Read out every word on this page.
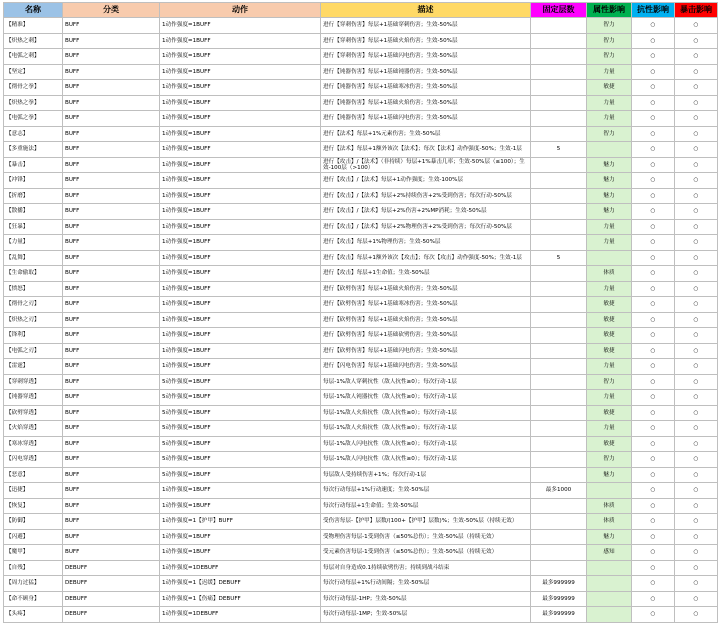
名称	分类	动作	描述	固定层数	属性影响	抗性影响	暴击影响
【精准】	BUFF	1动作强度=1BUFF	进行【穿刺伤害】每层+1基础穿刺伤害；生效-50%层		智力	○	○
【炽热之刺】	BUFF	1动作强度=1BUFF	进行【穿刺伤害】每层+1基础火焰伤害；生效-50%层		智力	○	○
【电弧之刺】	BUFF	1动作强度=1BUFF	进行【穿刺伤害】每层+1基础闪电伤害；生效-50%层		智力	○	○
【坚定】	BUFF	1动作强度=1BUFF	进行【钝器伤害】每层+1基础钝器伤害；生效-50%层		力量	○	○
【彻骨之拳】	BUFF	1动作强度=1BUFF	进行【钝器伤害】每层+1基础寒冰伤害；生效-50%层		敏捷	○	○
【炽热之拳】	BUFF	1动作强度=1BUFF	进行【钝器伤害】每层+1基础火焰伤害；生效-50%层		力量	○	○
【电弧之拳】	BUFF	1动作强度=1BUFF	进行【钝器伤害】每层+1基础闪电伤害；生效-50%层		力量	○	○
【意志】	BUFF	1动作强度=1BUFF	进行【法术】每层+1%元素伤害；生效-50%层		智力	○	○
【多重施法】	BUFF	1动作强度=1BUFF	进行【法术】每层+1额外该次【法术】；每次【法术】动作强度-50%；生效-1层	5		○	○
【暴击】	BUFF	1动作强度=1BUFF	进行【攻击】/【法术】（非持续）每层+1%暴击几率；生效-50%层（≤100）；生效-100层（>100）		魅力	○	○
【冲锋】	BUFF	1动作强度=1BUFF	进行【攻击】/【法术】每层+1动作强度；生效-100%层		魅力	○	○
【折磨】	BUFF	1动作强度=1BUFF	进行【攻击】/【法术】每层+2%持续伤害+2%受到伤害；每次行动-50%层		魅力	○	○
【散播】	BUFF	1动作强度=1BUFF	进行【攻击】/【法术】每层+2%伤害+2%MP消耗；生效-50%层		魅力	○	○
【狂暴】	BUFF	1动作强度=1BUFF	进行【攻击】/【法术】每层+2%物理伤害+2%受到伤害；每次行动-50%层		力量	○	○
【力量】	BUFF	1动作强度=1BUFF	进行【攻击】每层+1%物理伤害；生效-50%层		力量	○	○
【乱舞】	BUFF	1动作强度=1BUFF	进行【攻击】每层+1额外该次【攻击】；每次【攻击】动作强度-50%；生效-1层	5		○	○
【生命偷取】	BUFF	1动作强度=1BUFF	进行【攻击】每层+1生命值；生效-50%层		体质	○	○
【愤怒】	BUFF	1动作强度=1BUFF	进行【砍劈伤害】每层+1基础火焰伤害；生效-50%层		力量	○	○
【彻骨之刃】	BUFF	1动作强度=1BUFF	进行【砍劈伤害】每层+1基础寒冰伤害；生效-50%层		敏捷	○	○
【炽热之刃】	BUFF	1动作强度=1BUFF	进行【砍劈伤害】每层+1基础火焰伤害；生效-50%层		敏捷	○	○
【锋利】	BUFF	1动作强度=1BUFF	进行【砍劈伤害】每层+1基础砍劈伤害；生效-50%层		敏捷	○	○
【电弧之刃】	BUFF	1动作强度=1BUFF	进行【砍劈伤害】每层+1基础闪电伤害；生效-50%层		敏捷	○	○
【雷霆】	BUFF	1动作强度=1BUFF	进行【闪电伤害】每层+1基础闪电伤害；生效-50%层		力量	○	○
【穿刺穿透】	BUFF	5动作强度=1BUFF	每层-1%敌人穿刺抗性（敌人抗性≥0）；每次行动-1层		智力	○	○
【钝器穿透】	BUFF	5动作强度=1BUFF	每层-1%敌人钝器抗性（敌人抗性≥0）；每次行动-1层		力量	○	○
【砍劈穿透】	BUFF	5动作强度=1BUFF	每层-1%敌人火焰抗性（敌人抗性≥0）；每次行动-1层		敏捷	○	○
【火焰穿透】	BUFF	5动作强度=1BUFF	每层-1%敌人火焰抗性（敌人抗性≥0）；每次行动-1层		力量	○	○
【寒冰穿透】	BUFF	5动作强度=1BUFF	每层-1%敌人闪电抗性（敌人抗性≥0）；每次行动-1层		敏捷	○	○
【闪电穿透】	BUFF	5动作强度=1BUFF	每层-1%敌人闪电抗性（敌人抗性≥0）；每次行动-1层		智力	○	○
【恶意】	BUFF	5动作强度=1BUFF	每层敌人受持续伤害+1%；每次行动-1层		魅力	○	○
【迅捷】	BUFF	1动作强度=1BUFF	每次行动每层+1%行动速度；生效-50%层	最多1000		○	○
【恢复】	BUFF	1动作强度=1BUFF	每次行动每层+1生命值；生效-50%层		体质	○	○
【防御】	BUFF	1动作强度=1【护甲】BUFF	受伤害每层-【护甲】层数/(100+【护甲】层数)%；生效-50%层（持续无效）		体质	○	○
【闪避】	BUFF	1动作强度=1BUFF	受物理伤害每层-1受到伤害（≤50%总伤）；生效-50%层（持续无效）		魅力	○	○
【魔甲】	BUFF	1动作强度=1BUFF	受元素伤害每层-1受到伤害（≤50%总伤）；生效-50%层（持续无效）		感知	○	○
【自残】	DEBUFF	1动作强度=1DEBUFF	每层对自身造成0.1持续砍劈伤害；持续到战斗结束			○	○
【周力过猛】	DEBUFF	1动作强度=1【迟缓】DEBUFF	每次行动每层+1%行动间隔；生效-50%层	最多999999		○	○
【命不顾身】	DEBUFF	1动作强度=1【伤痛】DEBUFF	每次行动每层-1HP；生效-50%层	最多999999		○	○
【头疼】	DEBUFF	1动作强度=1DEBUFF	每次行动每层-1MP；生效-50%层	最多999999		○	○
